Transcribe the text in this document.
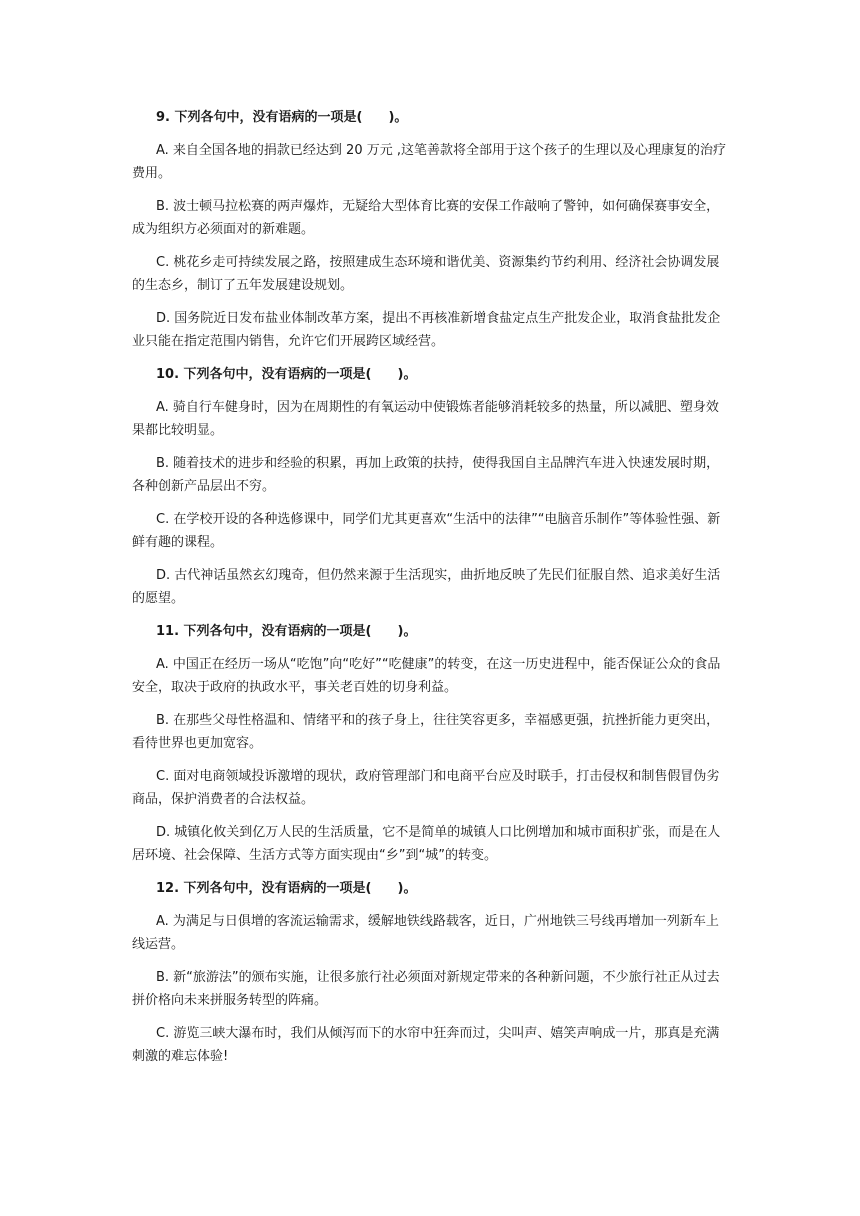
9. 下列各句中，没有语病的一项是(　　)。

A. 来自全国各地的捐款已经达到 20 万元 ,这笔善款将全部用于这个孩子的生理以及心理康复的治疗费用。

B. 波士顿马拉松赛的两声爆炸，无疑给大型体育比赛的安保工作敲响了警钟，如何确保赛事安全，成为组织方必须面对的新难题。

C. 桃花乡走可持续发展之路，按照建成生态环境和谐优美、资源集约节约利用、经济社会协调发展的生态乡，制订了五年发展建设规划。

D. 国务院近日发布盐业体制改革方案，提出不再核准新增食盐定点生产批发企业，取消食盐批发企业只能在指定范围内销售，允许它们开展跨区域经营。

10. 下列各句中，没有语病的一项是(　　)。

A. 骑自行车健身时，因为在周期性的有氧运动中使锻炼者能够消耗较多的热量，所以减肥、塑身效果都比较明显。

B. 随着技术的进步和经验的积累，再加上政策的扶持，使得我国自主品牌汽车进入快速发展时期，各种创新产品层出不穷。

C. 在学校开设的各种选修课中，同学们尤其更喜欢“生活中的法律”“电脑音乐制作”等体验性强、新鲜有趣的课程。

D. 古代神话虽然玄幻瑰奇，但仍然来源于生活现实，曲折地反映了先民们征服自然、追求美好生活的愿望。

11. 下列各句中，没有语病的一项是(　　)。

A. 中国正在经历一场从“吃饱”向“吃好”“吃健康”的转变，在这一历史进程中，能否保证公众的食品安全，取决于政府的执政水平，事关老百姓的切身利益。

B. 在那些父母性格温和、情绪平和的孩子身上，往往笑容更多，幸福感更强，抗挫折能力更突出，看待世界也更加宽容。

C. 面对电商领域投诉激增的现状，政府管理部门和电商平台应及时联手，打击侵权和制售假冒伪劣商品，保护消费者的合法权益。

D. 城镇化攸关到亿万人民的生活质量，它不是简单的城镇人口比例增加和城市面积扩张，而是在人居环境、社会保障、生活方式等方面实现由“乡”到“城”的转变。

12. 下列各句中，没有语病的一项是(　　)。

A. 为满足与日俱增的客流运输需求，缓解地铁线路载客，近日，广州地铁三号线再增加一列新车上线运营。

B. 新“旅游法”的颁布实施，让很多旅行社必须面对新规定带来的各种新问题，不少旅行社正从过去拼价格向未来拼服务转型的阵痛。

C. 游览三峡大瀑布时，我们从倾泻而下的水帘中狂奔而过，尖叫声、嬉笑声响成一片，那真是充满刺激的难忘体验!
